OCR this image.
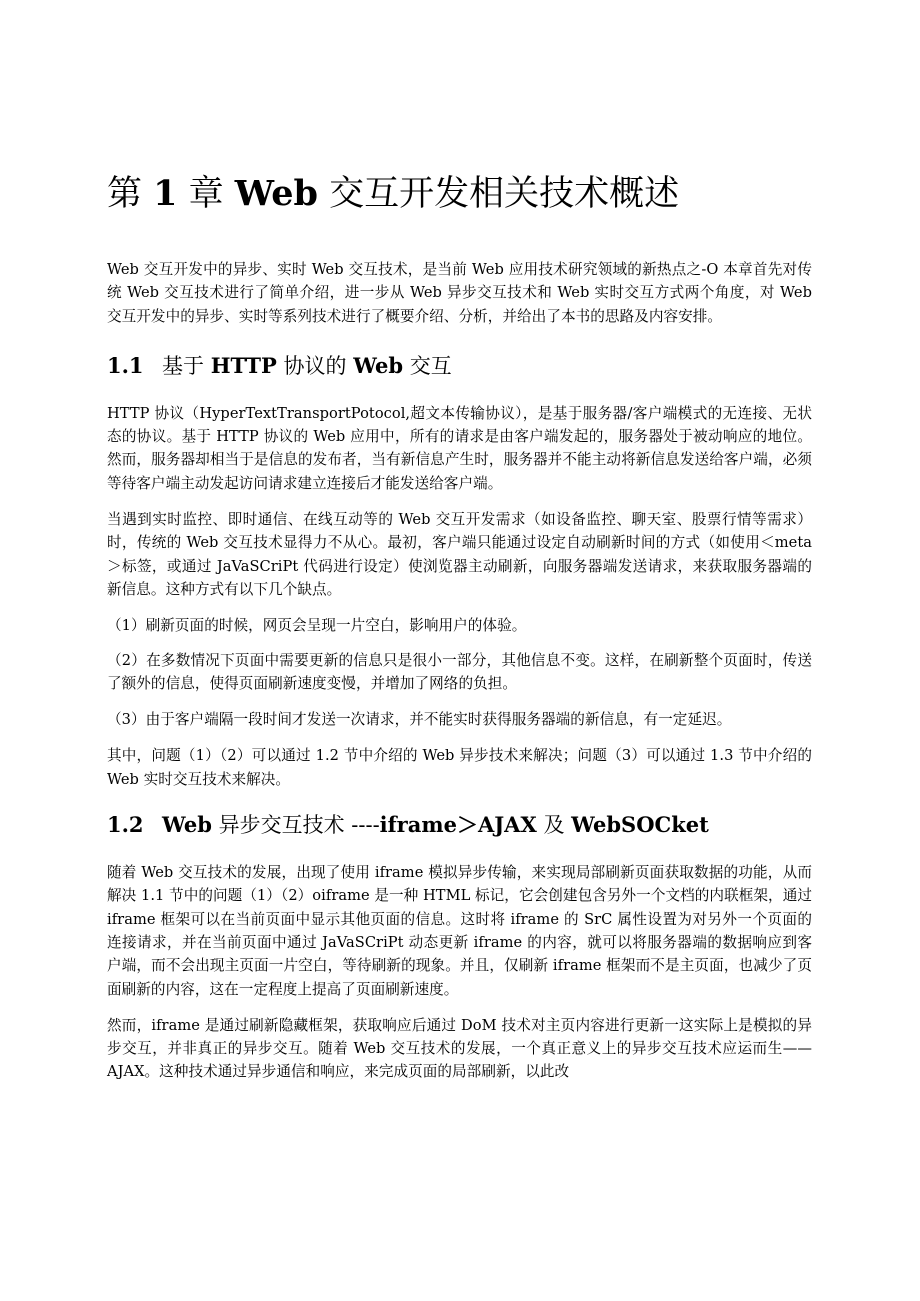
第 1 章 Web 交互开发相关技术概述

Web 交互开发中的异步、实时 Web 交互技术，是当前 Web 应用技术研究领域的新热点之-O 本章首先对传统 Web 交互技术进行了简单介绍，进一步从 Web 异步交互技术和 Web 实时交互方式两个角度，对 Web 交互开发中的异步、实时等系列技术进行了概要介绍、分析，并给出了本书的思路及内容安排。

1.1 基于 HTTP 协议的 Web 交互

HTTP 协议（HyperTextTransportPotocol,超文本传输协议），是基于服务器/客户端模式的无连接、无状态的协议。基于 HTTP 协议的 Web 应用中，所有的请求是由客户端发起的，服务器处于被动响应的地位。然而，服务器却相当于是信息的发布者，当有新信息产生时，服务器并不能主动将新信息发送给客户端，必须等待客户端主动发起访问请求建立连接后才能发送给客户端。

当遇到实时监控、即时通信、在线互动等的 Web 交互开发需求（如设备监控、聊天室、股票行情等需求）时，传统的 Web 交互技术显得力不从心。最初，客户端只能通过设定自动刷新时间的方式（如使用＜meta＞标签，或通过 JaVaSCriPt 代码进行设定）使浏览器主动刷新，向服务器端发送请求，来获取服务器端的新信息。这种方式有以下几个缺点。

（1）刷新页面的时候，网页会呈现一片空白，影响用户的体验。

（2）在多数情况下页面中需要更新的信息只是很小一部分，其他信息不变。这样，在刷新整个页面时，传送了额外的信息，使得页面刷新速度变慢，并增加了网络的负担。

（3）由于客户端隔一段时间才发送一次请求，并不能实时获得服务器端的新信息，有一定延迟。

其中，问题（1）（2）可以通过 1.2 节中介绍的 Web 异步技术来解决；问题（3）可以通过 1.3 节中介绍的 Web 实时交互技术来解决。

1.2 Web 异步交互技术 ----iframe＞AJAX 及 WebSOCket

随着 Web 交互技术的发展，出现了使用 iframe 模拟异步传输，来实现局部刷新页面获取数据的功能，从而解决 1.1 节中的问题（1）（2）oiframe 是一种 HTML 标记，它会创建包含另外一个文档的内联框架，通过 iframe 框架可以在当前页面中显示其他页面的信息。这时将 iframe 的 SrC 属性设置为对另外一个页面的连接请求，并在当前页面中通过 JaVaSCriPt 动态更新 iframe 的内容，就可以将服务器端的数据响应到客户端，而不会出现主页面一片空白，等待刷新的现象。并且，仅刷新 iframe 框架而不是主页面，也减少了页面刷新的内容，这在一定程度上提高了页面刷新速度。

然而，iframe 是通过刷新隐藏框架，获取响应后通过 DoM 技术对主页内容进行更新一这实际上是模拟的异步交互，并非真正的异步交互。随着 Web 交互技术的发展，一个真正意义上的异步交互技术应运而生——AJAX。这种技术通过异步通信和响应，来完成页面的局部刷新，以此改
